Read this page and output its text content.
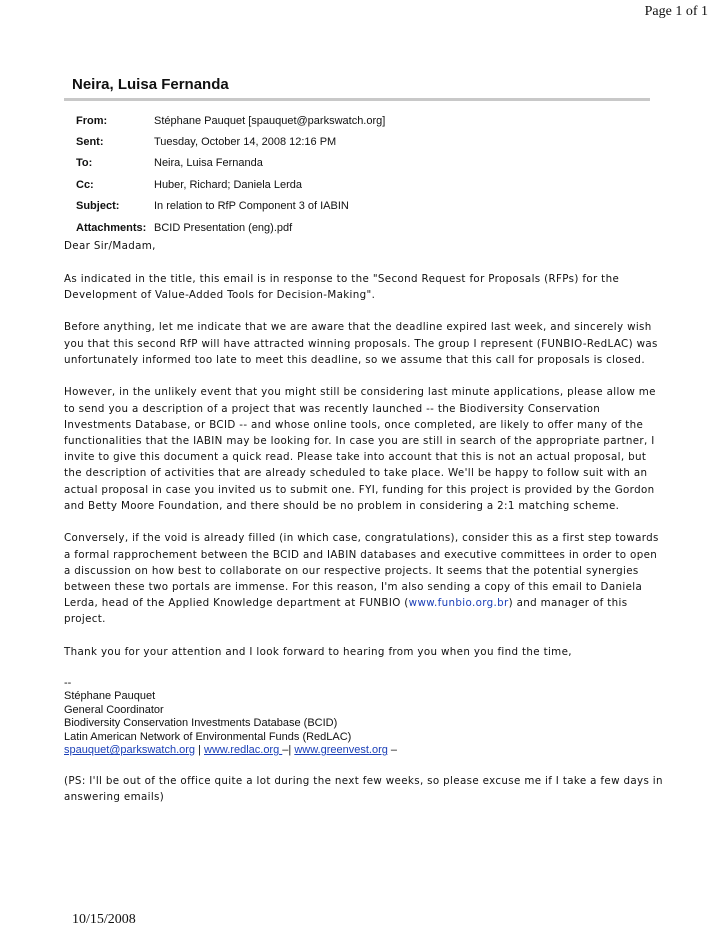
Page 1 of 1
Neira, Luisa Fernanda
From:	Stéphane Pauquet [spauquet@parkswatch.org]
Sent:	Tuesday, October 14, 2008 12:16 PM
To:	Neira, Luisa Fernanda
Cc:	Huber, Richard; Daniela Lerda
Subject:	In relation to RfP Component 3 of IABIN
Attachments: BCID Presentation (eng).pdf

Dear Sir/Madam,

As indicated in the title, this email is in response to the "Second Request for Proposals (RFPs) for the Development of Value-Added Tools for Decision-Making".

Before anything, let me indicate that we are aware that the deadline expired last week, and sincerely wish you that this second RfP will have attracted winning proposals. The group I represent (FUNBIO-RedLAC) was unfortunately informed too late to meet this deadline, so we assume that this call for proposals is closed.

However, in the unlikely event that you might still be considering last minute applications, please allow me to send you a description of a project that was recently launched -- the Biodiversity Conservation Investments Database, or BCID -- and whose online tools, once completed, are likely to offer many of the functionalities that the IABIN may be looking for. In case you are still in search of the appropriate partner, I invite to give this document a quick read. Please take into account that this is not an actual proposal, but the description of activities that are already scheduled to take place. We'll be happy to follow suit with an actual proposal in case you invited us to submit one. FYI, funding for this project is provided by the Gordon and Betty Moore Foundation, and there should be no problem in considering a 2:1 matching scheme.

Conversely, if the void is already filled (in which case, congratulations), consider this as a first step towards a formal rapprochement between the BCID and IABIN databases and executive committees in order to open a discussion on how best to collaborate on our respective projects. It seems that the potential synergies between these two portals are immense. For this reason, I'm also sending a copy of this email to Daniela Lerda, head of the Applied Knowledge department at FUNBIO (www.funbio.org.br) and manager of this project.

Thank you for your attention and I look forward to hearing from you when you find the time,

--
Stéphane Pauquet
General Coordinator
Biodiversity Conservation Investments Database (BCID)
Latin American Network of Environmental Funds (RedLAC)
spauquet@parkswatch.org | www.redlac.org –| www.greenvest.org –

(PS: I'll be out of the office quite a lot during the next few weeks, so please excuse me if I take a few days in answering emails)

10/15/2008
